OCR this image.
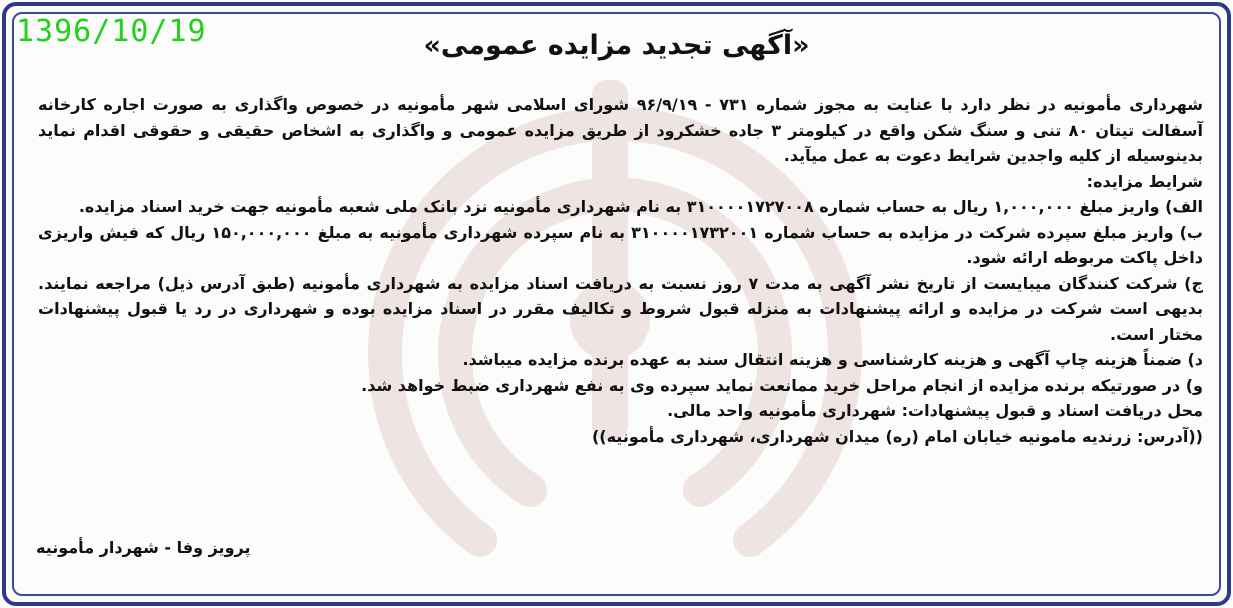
1396/10/19	«آگهی تجدید مزایده عمومی»

شهرداری مأمونیه در نظر دارد با عنایت به مجوز شماره ۷۳۱ - ۹۶/۹/۱۹ شورای اسلامی شهر مأمونیه در خصوص واگذاری به صورت اجاره کارخانه آسفالت تیتان ۸۰ تنی و سنگ شکن واقع در کیلومتر ۳ جاده خشکرود از طریق مزایده عمومی و واگذاری به اشخاص حقیقی و حقوقی اقدام نماید بدینوسیله از کلیه واجدین شرایط دعوت به عمل میآید.

شرایط مزایده:

الف) واریز مبلغ ۱,۰۰۰,۰۰۰ ریال به حساب شماره ۳۱۰۰۰۰۱۷۲۷۰۰۸ به نام شهرداری مأمونیه نزد بانک ملی شعبه مأمونیه جهت خرید اسناد مزایده.

ب) واریز مبلغ سپرده شرکت در مزایده به حساب شماره ۳۱۰۰۰۰۱۷۳۲۰۰۱ به نام سپرده شهرداری مأمونیه به مبلغ ۱۵۰,۰۰۰,۰۰۰ ریال که فیش واریزی داخل پاکت مربوطه ارائه شود.

ج) شرکت کنندگان میبایست از تاریخ نشر آگهی به مدت ۷ روز نسبت به دریافت اسناد مزایده به شهرداری مأمونیه (طبق آدرس ذیل) مراجعه نمایند. بدیهی است شرکت در مزایده و ارائه پیشنهادات به منزله قبول شروط و تکالیف مقرر در اسناد مزایده بوده و شهرداری در رد یا قبول پیشنهادات مختار است.

د) ضمناً هزینه چاپ آگهی و هزینه کارشناسی و هزینه انتقال سند به عهده برنده مزایده میباشد.

و) در صورتیکه برنده مزایده از انجام مراحل خرید ممانعت نماید سپرده وی به نفع شهرداری ضبط خواهد شد.

محل دریافت اسناد و قبول پیشنهادات: شهرداری مأمونیه واحد مالی.

((آدرس: زرندیه مامونیه خیابان امام (ره) میدان شهرداری، شهرداری مأمونیه))

پرویز وفا - شهردار مأمونیه
